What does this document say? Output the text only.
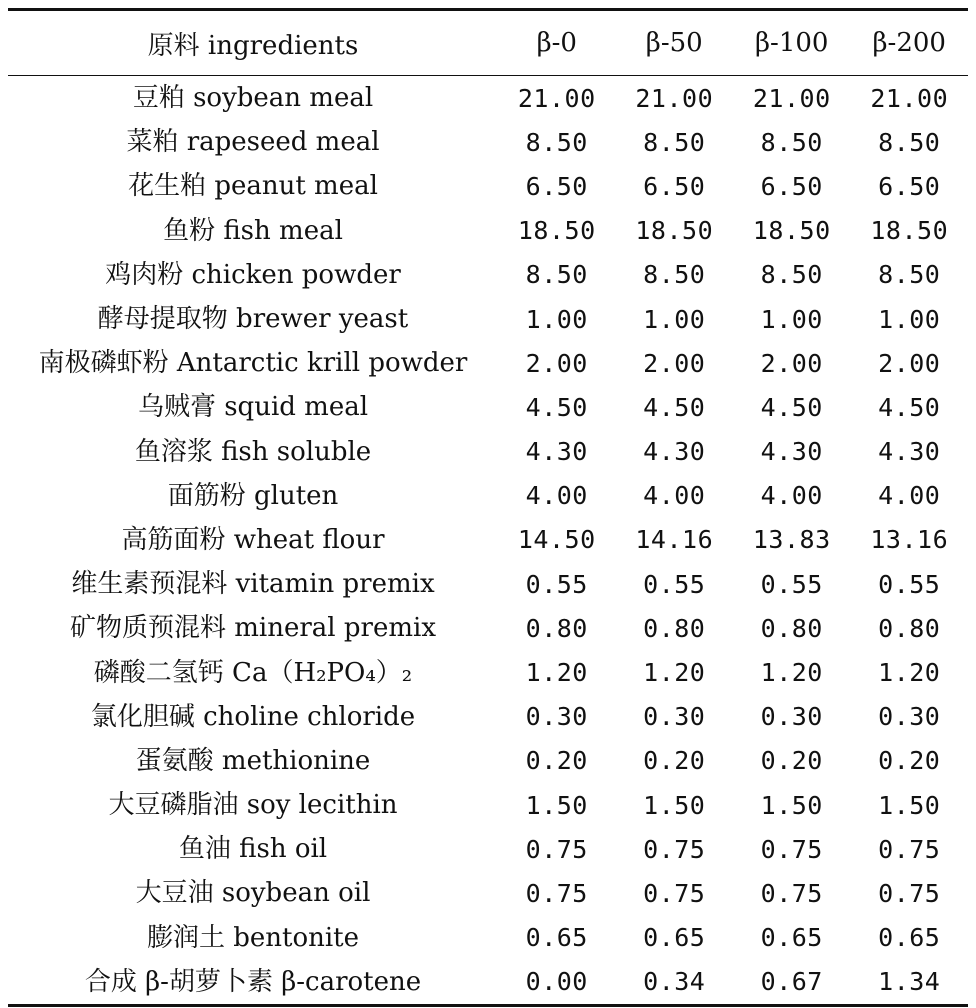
原料 ingredients	β-0	β-50	β-100	β-200
豆粕 soybean meal	21.00	21.00	21.00	21.00
菜粕 rapeseed meal	8.50	8.50	8.50	8.50
花生粕 peanut meal	6.50	6.50	6.50	6.50
鱼粉 fish meal	18.50	18.50	18.50	18.50
鸡肉粉 chicken powder	8.50	8.50	8.50	8.50
酵母提取物 brewer yeast	1.00	1.00	1.00	1.00
南极磷虾粉 Antarctic krill powder	2.00	2.00	2.00	2.00
乌贼膏 squid meal	4.50	4.50	4.50	4.50
鱼溶浆 fish soluble	4.30	4.30	4.30	4.30
面筋粉 gluten	4.00	4.00	4.00	4.00
高筋面粉 wheat flour	14.50	14.16	13.83	13.16
维生素预混料 vitamin premix	0.55	0.55	0.55	0.55
矿物质预混料 mineral premix	0.80	0.80	0.80	0.80
磷酸二氢钙 Ca（H₂PO₄）₂	1.20	1.20	1.20	1.20
氯化胆碱 choline chloride	0.30	0.30	0.30	0.30
蛋氨酸 methionine	0.20	0.20	0.20	0.20
大豆磷脂油 soy lecithin	1.50	1.50	1.50	1.50
鱼油 fish oil	0.75	0.75	0.75	0.75
大豆油 soybean oil	0.75	0.75	0.75	0.75
膨润土 bentonite	0.65	0.65	0.65	0.65
合成 β-胡萝卜素 β-carotene	0.00	0.34	0.67	1.34
